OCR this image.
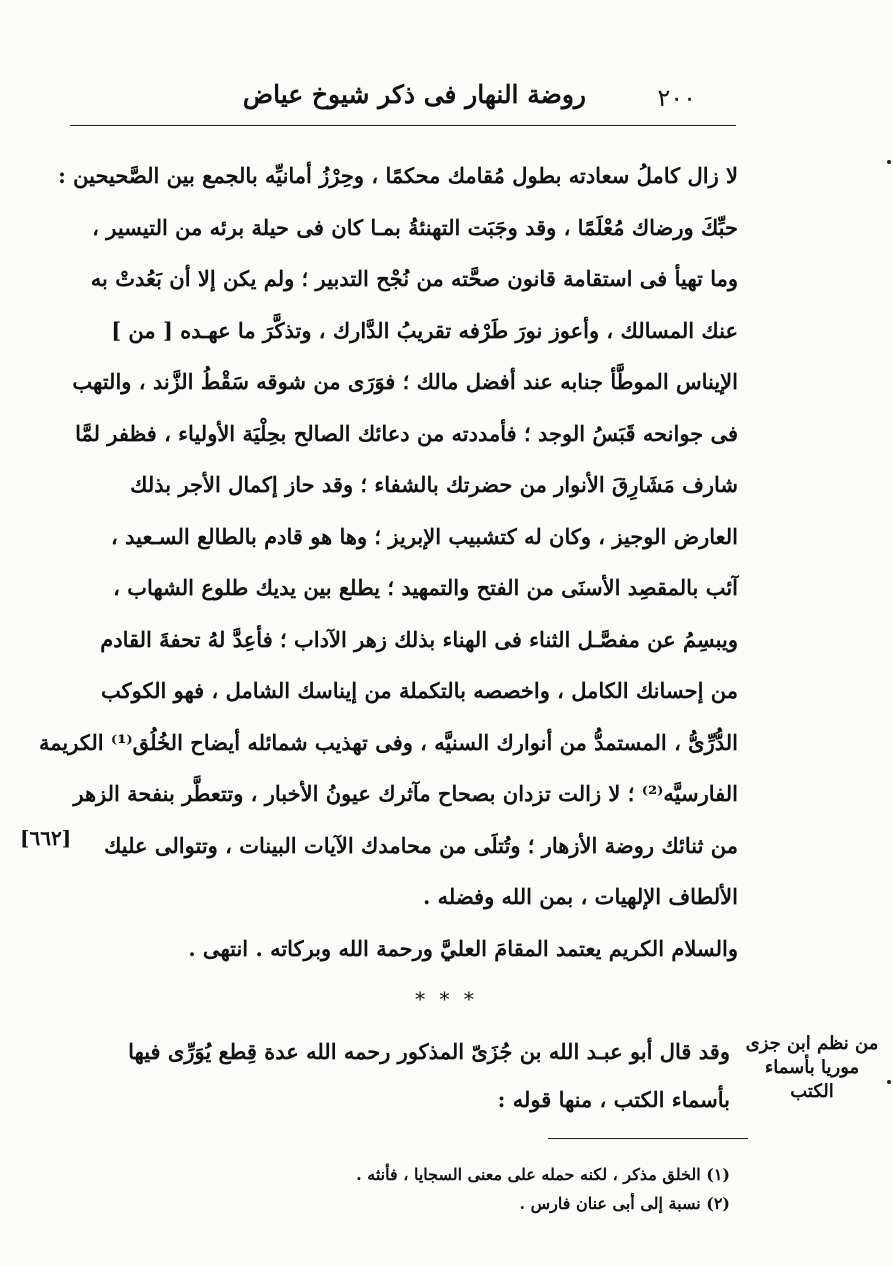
٢٠٠
روضة النهار فى ذكر شيوخ عياض
لا زال كاملُ سعادته بطول مُقامك محكمًا ، وحِرْزُ أمانيِّه بالجمع بين الصَّحيحين :
حبِّكَ ورضاك مُعْلَمًا ، وقد وجَبَت التهنئةُ بمـا كان فى حيلة برئه من التيسير ،
وما تهيأ فى استقامة قانون صحَّته من نُجْح التدبير ؛ ولم يكن إلا أن بَعُدتْ به
عنك المسالك ، وأعوز نورَ طَرْفه تقريبُ الدَّارك ، وتذكَّرَ ما عهـده [ من ]
الإيناس الموطَّأ جنابه عند أفضل مالك ؛ فوَرَى من شوقه سَقْطُ الزَّند ، والتهب
فى جوانحه قَبَسُ الوجد ؛ فأمددته من دعائك الصالح بحِلْيَة الأولياء ، فظفر لمَّا
شارف مَشَارِقَ الأنوار من حضرتك بالشفاء ؛ وقد حاز إكمال الأجر بذلك
العارض الوجيز ، وكان له كتشبيب الإبريز ؛ وها هو قادم بالطالع السـعيد ،
آئب بالمقصِد الأسنَى من الفتح والتمهيد ؛ يطلع بين يديك طلوع الشهاب ،
ويبسِمُ عن مفصَّـل الثناء فى الهناء بذلك زهر الآداب ؛ فأعِدَّ لهُ تحفةَ القادم
من إحسانك الكامل ، واخصصه بالتكملة من إيناسك الشامل ، فهو الكوكب
الدُّرِّىُّ ، المستمدُّ من أنوارك السنيَّه ، وفى تهذيب شمائله أيضاح الخُلُق⁽¹⁾ الكريمة
الفارسيَّه⁽²⁾ ؛ لا زالت تزدان بصحاح مآثرك عيونُ الأخبار ، وتتعطَّر بنفحة الزهر
من ثنائك روضة الأزهار ؛ وتُتلَى من محامدك الآيات البينات ، وتتوالى عليك
الألطاف الإلهيات ، بمن الله وفضله .
والسلام الكريم يعتمد المقامَ العليَّ ورحمة الله وبركاته . انتهى .
[٦٦٢]
* * *
وقد قال أبو عبـد الله بن جُزَىّ المذكور رحمه الله عدة قِطع يُوَرِّى فيها
بأسماء الكتب ، منها قوله :
من نظم ابن جزى موريا بأسماء الكتب
(١) الخلق مذكر ، لكنه حمله على معنى السجايا ، فأنثه .
(٢) نسبة إلى أبى عنان فارس .
